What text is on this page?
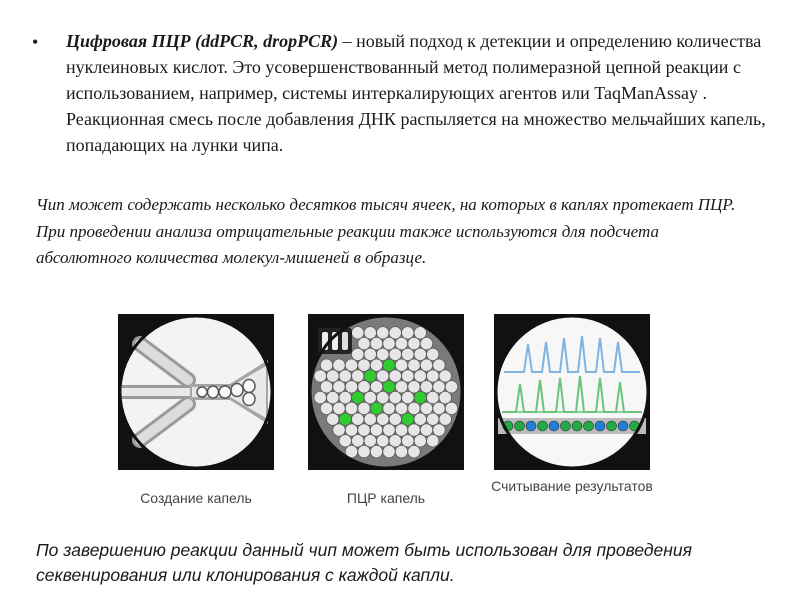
• Цифровая ПЦР (ddPCR, dropPCR) – новый подход к детекции и определению количества нуклеиновых кислот. Это усовершенствованный метод полимеразной цепной реакции с использованием, например, системы интеркалирующих агентов или TaqManAssay . Реакционная смесь после добавления ДНК распыляется на множество мельчайших капель, попадающих на лунки чипа.
Чип может содержать несколько десятков тысяч ячеек, на которых в каплях протекает ПЦР. При проведении анализа отрицательные реакции также используются для подсчета абсолютного количества молекул-мишеней в образце.
Создание капель	ПЦР капель
Считывание результатов
По завершению реакции данный чип может быть использован для проведения секвенирования или клонирования с каждой капли.
